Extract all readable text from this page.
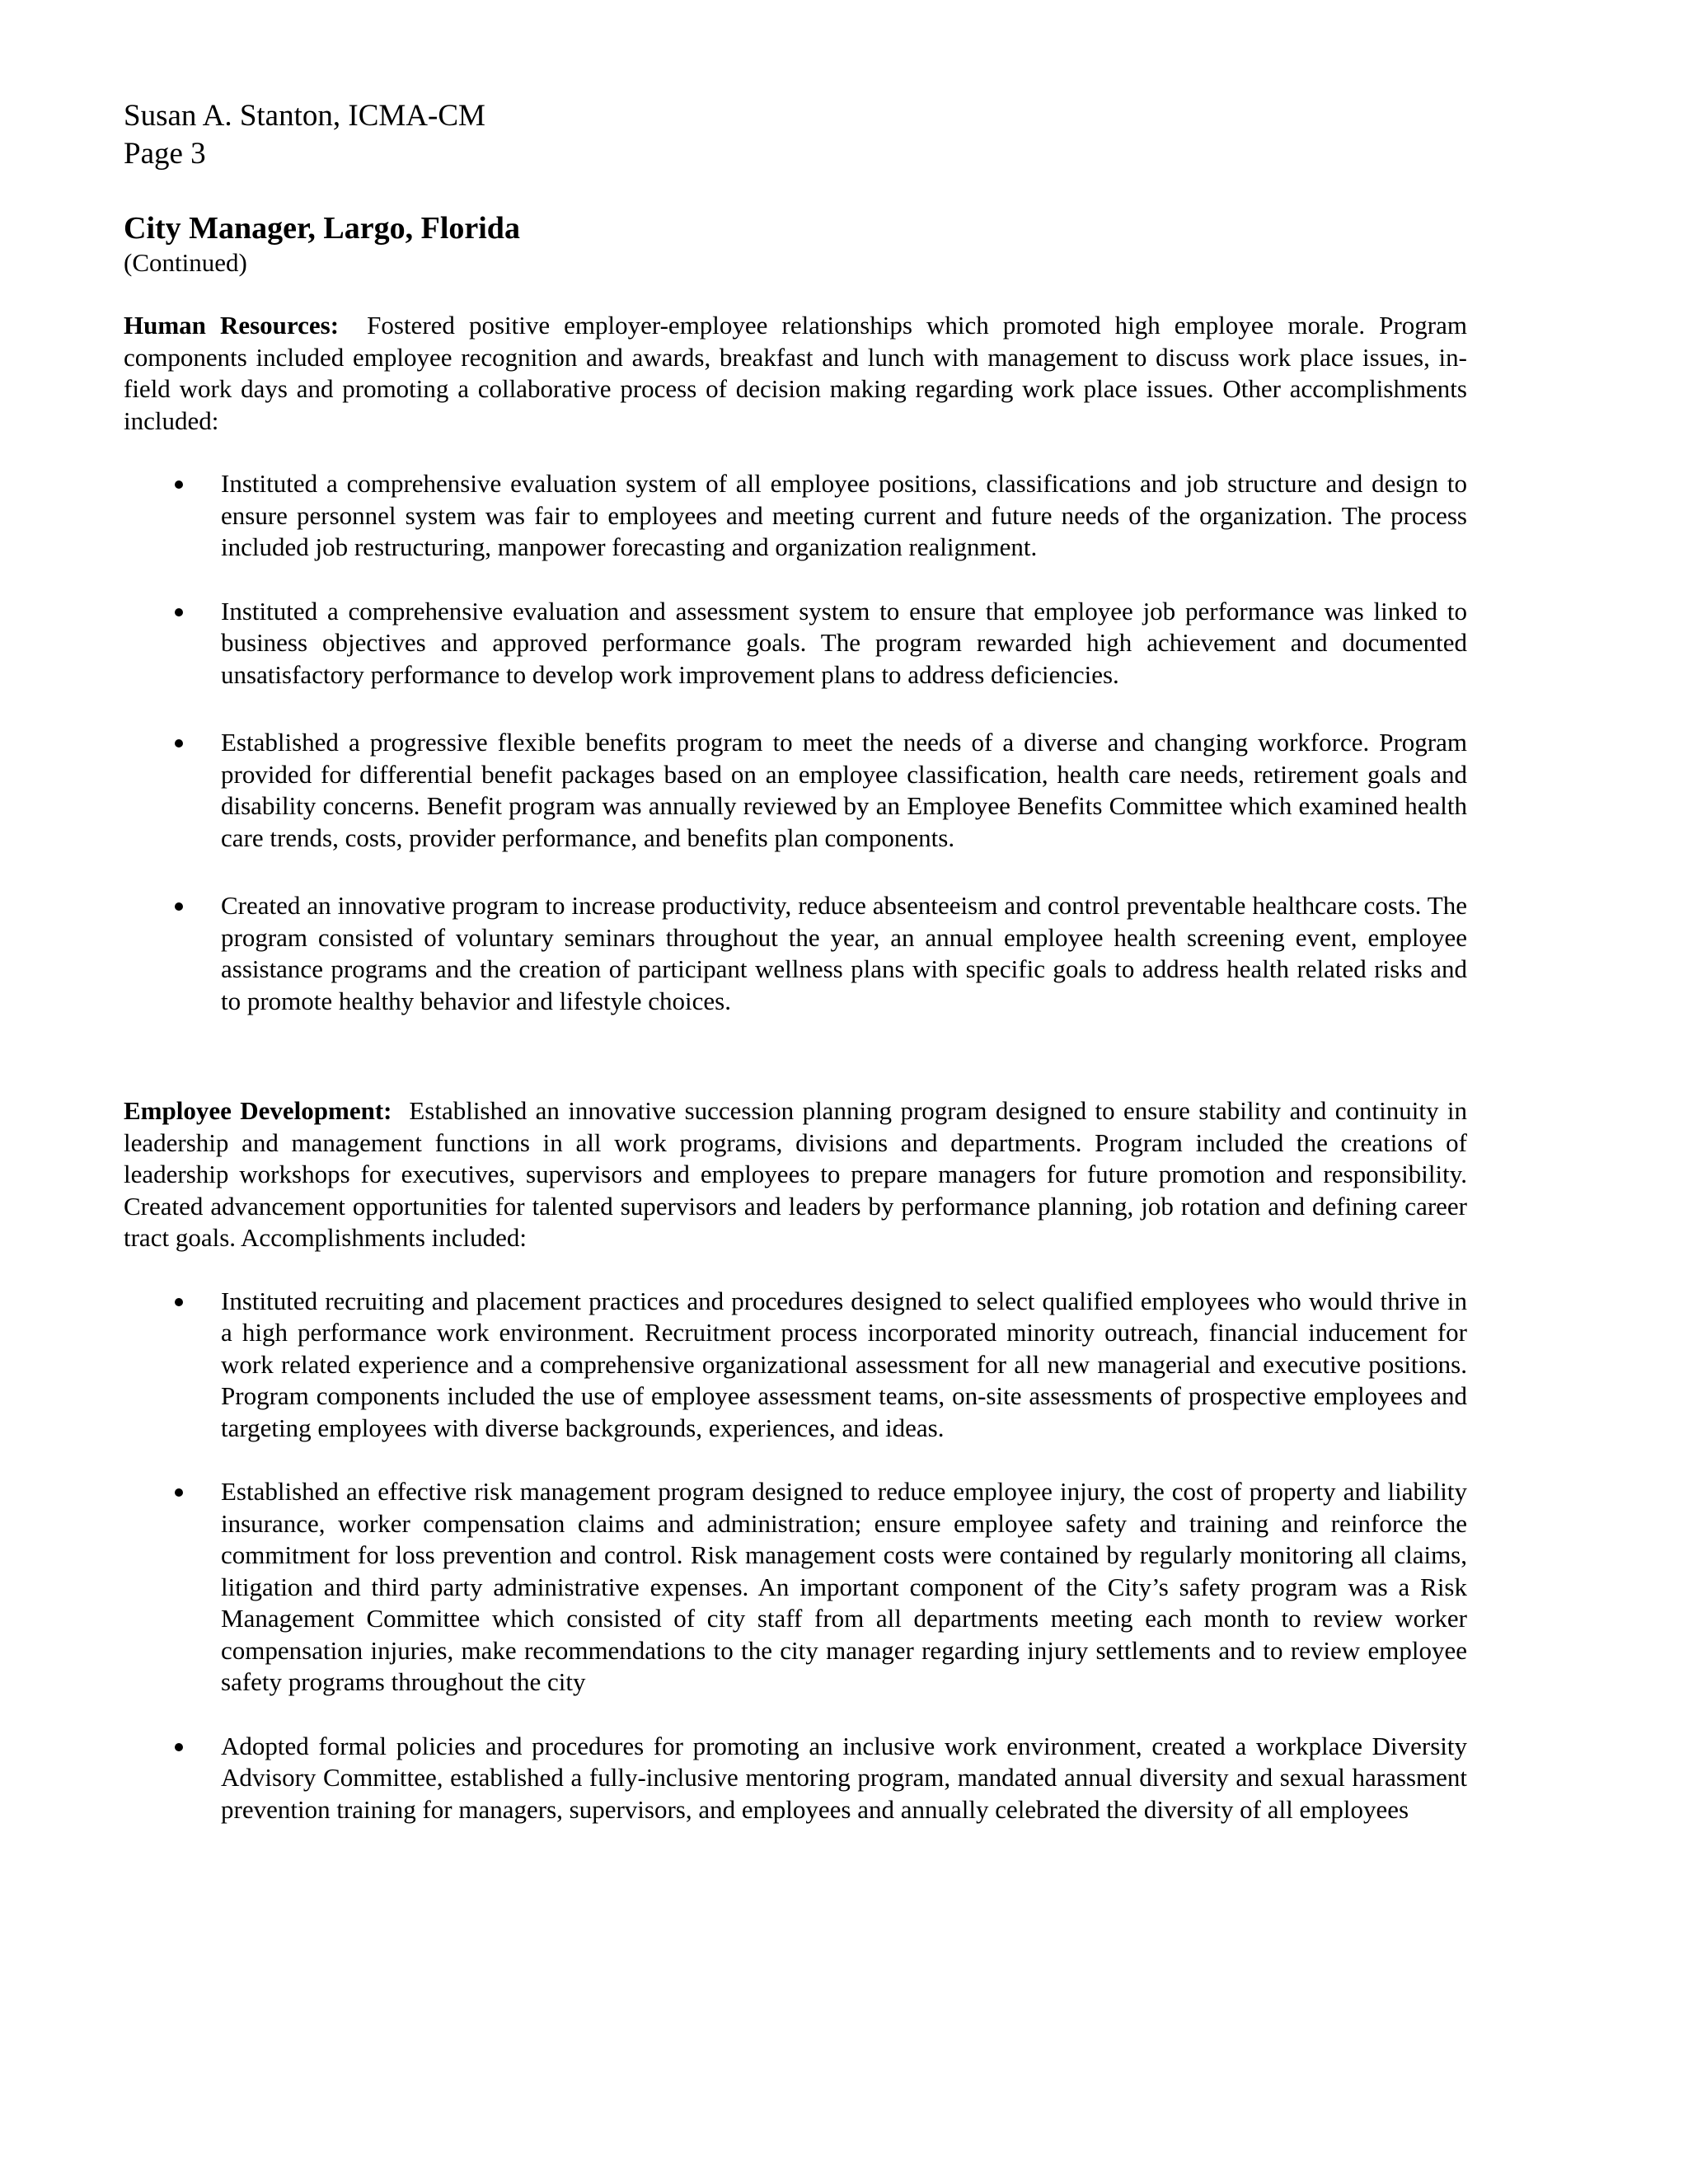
Susan A. Stanton, ICMA-CM
Page 3
City Manager, Largo, Florida
(Continued)
Human Resources: Fostered positive employer-employee relationships which promoted high employee morale. Program components included employee recognition and awards, breakfast and lunch with management to discuss work place issues, in-field work days and promoting a collaborative process of decision making regarding work place issues. Other accomplishments included:
Instituted a comprehensive evaluation system of all employee positions, classifications and job structure and design to ensure personnel system was fair to employees and meeting current and future needs of the organization. The process included job restructuring, manpower forecasting and organization realignment.
Instituted a comprehensive evaluation and assessment system to ensure that employee job performance was linked to business objectives and approved performance goals. The program rewarded high achievement and documented unsatisfactory performance to develop work improvement plans to address deficiencies.
Established a progressive flexible benefits program to meet the needs of a diverse and changing workforce. Program provided for differential benefit packages based on an employee classification, health care needs, retirement goals and disability concerns. Benefit program was annually reviewed by an Employee Benefits Committee which examined health care trends, costs, provider performance, and benefits plan components.
Created an innovative program to increase productivity, reduce absenteeism and control preventable healthcare costs. The program consisted of voluntary seminars throughout the year, an annual employee health screening event, employee assistance programs and the creation of participant wellness plans with specific goals to address health related risks and to promote healthy behavior and lifestyle choices.
Employee Development: Established an innovative succession planning program designed to ensure stability and continuity in leadership and management functions in all work programs, divisions and departments. Program included the creations of leadership workshops for executives, supervisors and employees to prepare managers for future promotion and responsibility. Created advancement opportunities for talented supervisors and leaders by performance planning, job rotation and defining career tract goals. Accomplishments included:
Instituted recruiting and placement practices and procedures designed to select qualified employees who would thrive in a high performance work environment. Recruitment process incorporated minority outreach, financial inducement for work related experience and a comprehensive organizational assessment for all new managerial and executive positions. Program components included the use of employee assessment teams, on-site assessments of prospective employees and targeting employees with diverse backgrounds, experiences, and ideas.
Established an effective risk management program designed to reduce employee injury, the cost of property and liability insurance, worker compensation claims and administration; ensure employee safety and training and reinforce the commitment for loss prevention and control. Risk management costs were contained by regularly monitoring all claims, litigation and third party administrative expenses. An important component of the City’s safety program was a Risk Management Committee which consisted of city staff from all departments meeting each month to review worker compensation injuries, make recommendations to the city manager regarding injury settlements and to review employee safety programs throughout the city
Adopted formal policies and procedures for promoting an inclusive work environment, created a workplace Diversity Advisory Committee, established a fully-inclusive mentoring program, mandated annual diversity and sexual harassment prevention training for managers, supervisors, and employees and annually celebrated the diversity of all employees
